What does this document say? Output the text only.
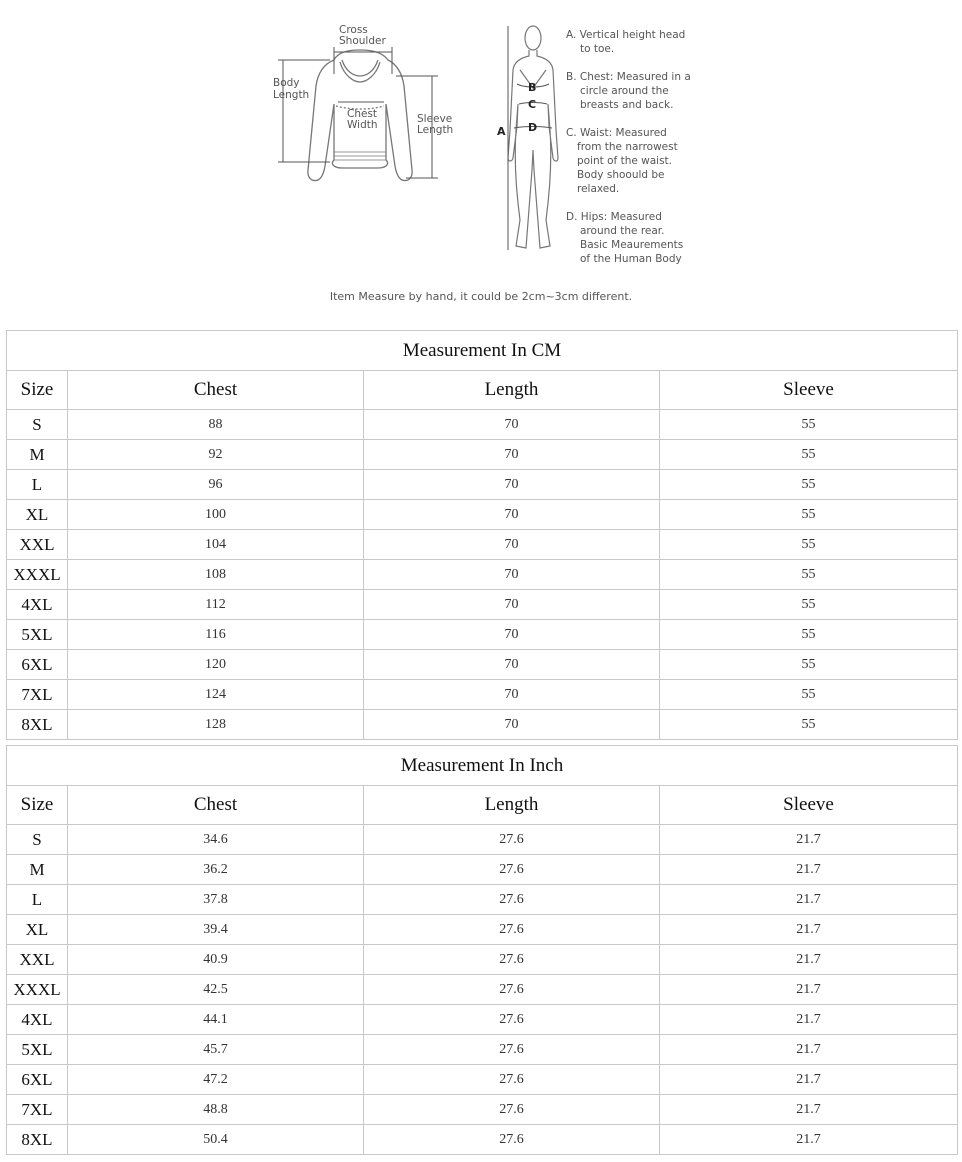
Cross
Shoulder
Body
Length
Chest
Width	Sleeve
Length	A
B
C
D
A. Vertical height head
to toe.
B. Chest: Measured in a
circle around the
breasts and back.
C. Waist: Measured
from the narrowest
point of the waist.
Body shoould be
relaxed.
D. Hips: Measured
around the rear.
Basic Meaurements
of the Human Body
Item Measure by hand, it could be 2cm~3cm different.
Measurement In CM			
Size	Chest	Length	Sleeve
S	88	70	55
M	92	70	55
L	96	70	55
XL	100	70	55
XXL	104	70	55
XXXL	108	70	55
4XL	112	70	55
5XL	116	70	55
6XL	120	70	55
7XL	124	70	55
8XL	128	70	55
Measurement In Inch			
Size	Chest	Length	Sleeve
S	34.6	27.6	21.7
M	36.2	27.6	21.7
L	37.8	27.6	21.7
XL	39.4	27.6	21.7
XXL	40.9	27.6	21.7
XXXL	42.5	27.6	21.7
4XL	44.1	27.6	21.7
5XL	45.7	27.6	21.7
6XL	47.2	27.6	21.7
7XL	48.8	27.6	21.7
8XL	50.4	27.6	21.7
